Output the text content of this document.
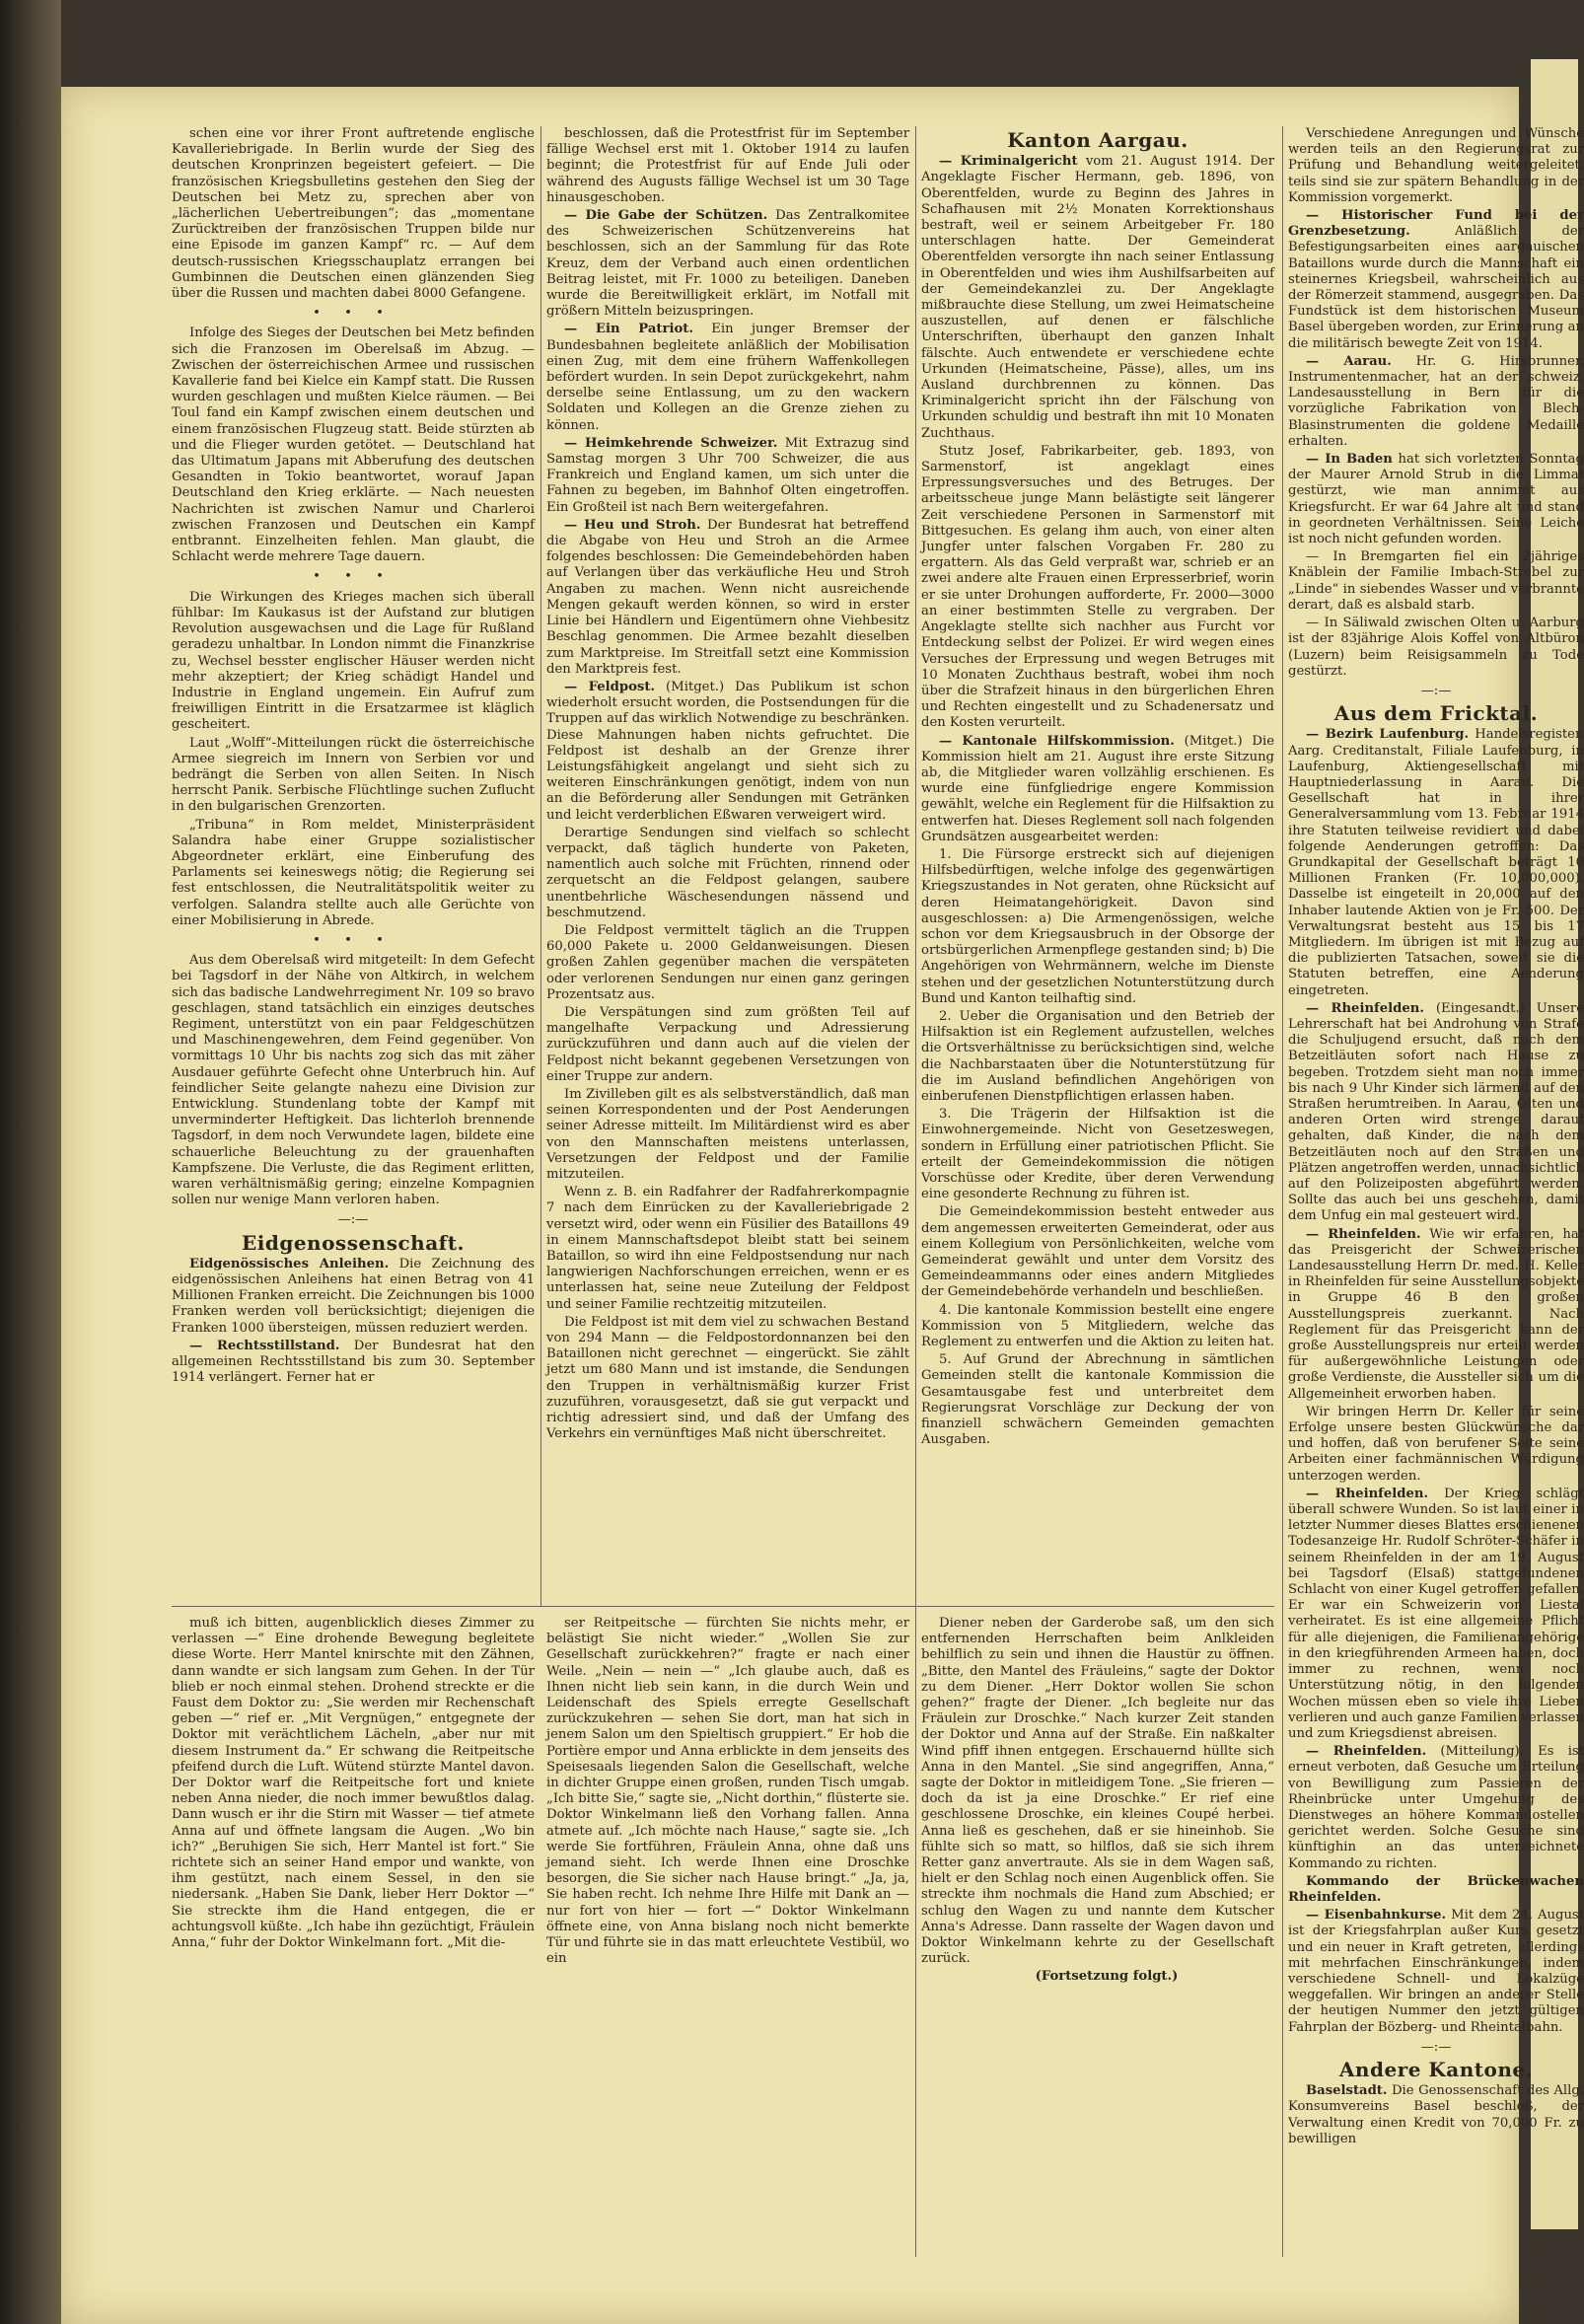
schen eine vor ihrer Front auftretende englische Kavalleriebrigade. In Berlin wurde der Sieg des deutschen Kronprinzen begeistert gefeiert. — Die französischen Kriegsbulletins gestehen den Sieg der Deutschen bei Metz zu, sprechen aber von „lächerlichen Uebertreibungen“; das „momentane Zurücktreiben der französischen Truppen bilde nur eine Episode im ganzen Kampf“ rc. — Auf dem deutsch-russischen Kriegsschauplatz errangen bei Gumbinnen die Deutschen einen glänzenden Sieg über die Russen und machten dabei 8000 Gefangene.

• • •

Infolge des Sieges der Deutschen bei Metz befinden sich die Franzosen im Oberelsaß im Abzug. — Zwischen der österreichischen Armee und russischen Kavallerie fand bei Kielce ein Kampf statt. Die Russen wurden geschlagen und mußten Kielce räumen. — Bei Toul fand ein Kampf zwischen einem deutschen und einem französischen Flugzeug statt. Beide stürzten ab und die Flieger wurden getötet. — Deutschland hat das Ultimatum Japans mit Abberufung des deutschen Gesandten in Tokio beantwortet, worauf Japan Deutschland den Krieg erklärte. — Nach neuesten Nachrichten ist zwischen Namur und Charleroi zwischen Franzosen und Deutschen ein Kampf entbrannt. Einzelheiten fehlen. Man glaubt, die Schlacht werde mehrere Tage dauern.

• • •

Die Wirkungen des Krieges machen sich überall fühlbar: Im Kaukasus ist der Aufstand zur blutigen Revolution ausgewachsen und die Lage für Rußland geradezu unhaltbar. In London nimmt die Finanzkrise zu, Wechsel besster englischer Häuser werden nicht mehr akzeptiert; der Krieg schädigt Handel und Industrie in England ungemein. Ein Aufruf zum freiwilligen Eintritt in die Ersatzarmee ist kläglich gescheitert.

Laut „Wolff“-Mitteilungen rückt die österreichische Armee siegreich im Innern von Serbien vor und bedrängt die Serben von allen Seiten. In Nisch herrscht Panik. Serbische Flüchtlinge suchen Zuflucht in den bulgarischen Grenzorten.

„Tribuna“ in Rom meldet, Ministerpräsident Salandra habe einer Gruppe sozialistischer Abgeordneter erklärt, eine Einberufung des Parlaments sei keineswegs nötig; die Regierung sei fest entschlossen, die Neutralitätspolitik weiter zu verfolgen. Salandra stellte auch alle Gerüchte von einer Mobilisierung in Abrede.

• • •

Aus dem Oberelsaß wird mitgeteilt: In dem Gefecht bei Tagsdorf in der Nähe von Altkirch, in welchem sich das badische Landwehrregiment Nr. 109 so bravo geschlagen, stand tatsächlich ein einziges deutsches Regiment, unterstützt von ein paar Feldgeschützen und Maschinengewehren, dem Feind gegenüber. Von vormittags 10 Uhr bis nachts zog sich das mit zäher Ausdauer geführte Gefecht ohne Unterbruch hin. Auf feindlicher Seite gelangte nahezu eine Division zur Entwicklung. Stundenlang tobte der Kampf mit unverminderter Heftigkeit. Das lichterloh brennende Tagsdorf, in dem noch Verwundete lagen, bildete eine schauerliche Beleuchtung zu der grauenhaften Kampfszene. Die Verluste, die das Regiment erlitten, waren verhältnismäßig gering; einzelne Kompagnien sollen nur wenige Mann verloren haben.

—:—
Eidgenossenschaft.

Eidgenössisches Anleihen. Die Zeichnung des eidgenössischen Anleihens hat einen Betrag von 41 Millionen Franken erreicht. Die Zeichnungen bis 1000 Franken werden voll berücksichtigt; diejenigen die Franken 1000 übersteigen, müssen reduziert werden.

— Rechtsstillstand. Der Bundesrat hat den allgemeinen Rechtsstillstand bis zum 30. September 1914 verlängert. Ferner hat er

beschlossen, daß die Protestfrist für im September fällige Wechsel erst mit 1. Oktober 1914 zu laufen beginnt; die Protestfrist für auf Ende Juli oder während des Augusts fällige Wechsel ist um 30 Tage hinausgeschoben.

— Die Gabe der Schützen. Das Zentralkomitee des Schweizerischen Schützenvereins hat beschlossen, sich an der Sammlung für das Rote Kreuz, dem der Verband auch einen ordentlichen Beitrag leistet, mit Fr. 1000 zu beteiligen. Daneben wurde die Bereitwilligkeit erklärt, im Notfall mit größern Mitteln beizuspringen.

— Ein Patriot. Ein junger Bremser der Bundesbahnen begleitete anläßlich der Mobilisation einen Zug, mit dem eine frühern Waffenkollegen befördert wurden. In sein Depot zurückgekehrt, nahm derselbe seine Entlassung, um zu den wackern Soldaten und Kollegen an die Grenze ziehen zu können.

— Heimkehrende Schweizer. Mit Extrazug sind Samstag morgen 3 Uhr 700 Schweizer, die aus Frankreich und England kamen, um sich unter die Fahnen zu begeben, im Bahnhof Olten eingetroffen. Ein Großteil ist nach Bern weitergefahren.

— Heu und Stroh. Der Bundesrat hat betreffend die Abgabe von Heu und Stroh an die Armee folgendes beschlossen: Die Gemeindebehörden haben auf Verlangen über das verkäufliche Heu und Stroh Angaben zu machen. Wenn nicht ausreichende Mengen gekauft werden können, so wird in erster Linie bei Händlern und Eigentümern ohne Viehbesitz Beschlag genommen. Die Armee bezahlt dieselben zum Marktpreise. Im Streitfall setzt eine Kommission den Marktpreis fest.

— Feldpost. (Mitget.) Das Publikum ist schon wiederholt ersucht worden, die Postsendungen für die Truppen auf das wirklich Notwendige zu beschränken. Diese Mahnungen haben nichts gefruchtet. Die Feldpost ist deshalb an der Grenze ihrer Leistungsfähigkeit angelangt und sieht sich zu weiteren Einschränkungen genötigt, indem von nun an die Beförderung aller Sendungen mit Getränken und leicht verderblichen Eßwaren verweigert wird.

Derartige Sendungen sind vielfach so schlecht verpackt, daß täglich hunderte von Paketen, namentlich auch solche mit Früchten, rinnend oder zerquetscht an die Feldpost gelangen, saubere unentbehrliche Wäschesendungen nässend und beschmutzend.

Die Feldpost vermittelt täglich an die Truppen 60,000 Pakete u. 2000 Geldanweisungen. Diesen großen Zahlen gegenüber machen die verspäteten oder verlorenen Sendungen nur einen ganz geringen Prozentsatz aus.

Die Verspätungen sind zum größten Teil auf mangelhafte Verpackung und Adressierung zurückzuführen und dann auch auf die vielen der Feldpost nicht bekannt gegebenen Versetzungen von einer Truppe zur andern.

Im Zivilleben gilt es als selbstverständlich, daß man seinen Korrespondenten und der Post Aenderungen seiner Adresse mitteilt. Im Militärdienst wird es aber von den Mannschaften meistens unterlassen, Versetzungen der Feldpost und der Familie mitzuteilen.

Wenn z. B. ein Radfahrer der Radfahrerkompagnie 7 nach dem Einrücken zu der Kavalleriebrigade 2 versetzt wird, oder wenn ein Füsilier des Bataillons 49 in einem Mannschaftsdepot bleibt statt bei seinem Bataillon, so wird ihn eine Feldpostsendung nur nach langwierigen Nachforschungen erreichen, wenn er es unterlassen hat, seine neue Zuteilung der Feldpost und seiner Familie rechtzeitig mitzuteilen.

Die Feldpost ist mit dem viel zu schwachen Bestand von 294 Mann — die Feldpostordonnanzen bei den Bataillonen nicht gerechnet — eingerückt. Sie zählt jetzt um 680 Mann und ist imstande, die Sendungen den Truppen in verhältnismäßig kurzer Frist zuzuführen, vorausgesetzt, daß sie gut verpackt und richtig adressiert sind, und daß der Umfang des Verkehrs ein vernünftiges Maß nicht überschreitet.

Kanton Aargau.

— Kriminalgericht vom 21. August 1914. Der Angeklagte Fischer Hermann, geb. 1896, von Oberentfelden, wurde zu Beginn des Jahres in Schafhausen mit 2½ Monaten Korrektionshaus bestraft, weil er seinem Arbeitgeber Fr. 180 unterschlagen hatte. Der Gemeinderat Oberentfelden versorgte ihn nach seiner Entlassung in Oberentfelden und wies ihm Aushilfsarbeiten auf der Gemeindekanzlei zu. Der Angeklagte mißbrauchte diese Stellung, um zwei Heimatscheine auszustellen, auf denen er fälschliche Unterschriften, überhaupt den ganzen Inhalt fälschte. Auch entwendete er verschiedene echte Urkunden (Heimatscheine, Pässe), alles, um ins Ausland durchbrennen zu können. Das Kriminalgericht spricht ihn der Fälschung von Urkunden schuldig und bestraft ihn mit 10 Monaten Zuchthaus.

Stutz Josef, Fabrikarbeiter, geb. 1893, von Sarmenstorf, ist angeklagt eines Erpressungsversuches und des Betruges. Der arbeitsscheue junge Mann belästigte seit längerer Zeit verschiedene Personen in Sarmenstorf mit Bittgesuchen. Es gelang ihm auch, von einer alten Jungfer unter falschen Vorgaben Fr. 280 zu ergattern. Als das Geld verpraßt war, schrieb er an zwei andere alte Frauen einen Erpresserbrief, worin er sie unter Drohungen aufforderte, Fr. 2000—3000 an einer bestimmten Stelle zu vergraben. Der Angeklagte stellte sich nachher aus Furcht vor Entdeckung selbst der Polizei. Er wird wegen eines Versuches der Erpressung und wegen Betruges mit 10 Monaten Zuchthaus bestraft, wobei ihm noch über die Strafzeit hinaus in den bürgerlichen Ehren und Rechten eingestellt und zu Schadenersatz und den Kosten verurteilt.

— Kantonale Hilfskommission. (Mitget.) Die Kommission hielt am 21. August ihre erste Sitzung ab, die Mitglieder waren vollzählig erschienen. Es wurde eine fünfgliedrige engere Kommission gewählt, welche ein Reglement für die Hilfsaktion zu entwerfen hat. Dieses Reglement soll nach folgenden Grundsätzen ausgearbeitet werden:

1. Die Fürsorge erstreckt sich auf diejenigen Hilfsbedürftigen, welche infolge des gegenwärtigen Kriegszustandes in Not geraten, ohne Rücksicht auf deren Heimatangehörigkeit. Davon sind ausgeschlossen: a) Die Armengenössigen, welche schon vor dem Kriegsausbruch in der Obsorge der ortsbürgerlichen Armenpflege gestanden sind; b) Die Angehörigen von Wehrmännern, welche im Dienste stehen und der gesetzlichen Notunterstützung durch Bund und Kanton teilhaftig sind.

2. Ueber die Organisation und den Betrieb der Hilfsaktion ist ein Reglement aufzustellen, welches die Ortsverhältnisse zu berücksichtigen sind, welche die Nachbarstaaten über die Notunterstützung für die im Ausland befindlichen Angehörigen von einberufenen Dienstpflichtigen erlassen haben.

3. Die Trägerin der Hilfsaktion ist die Einwohnergemeinde. Nicht von Gesetzeswegen, sondern in Erfüllung einer patriotischen Pflicht. Sie erteilt der Gemeindekommission die nötigen Vorschüsse oder Kredite, über deren Verwendung eine gesonderte Rechnung zu führen ist.

Die Gemeindekommission besteht entweder aus dem angemessen erweiterten Gemeinderat, oder aus einem Kollegium von Persönlichkeiten, welche vom Gemeinderat gewählt und unter dem Vorsitz des Gemeindeammanns oder eines andern Mitgliedes der Gemeindebehörde verhandeln und beschließen.

4. Die kantonale Kommission bestellt eine engere Kommission von 5 Mitgliedern, welche das Reglement zu entwerfen und die Aktion zu leiten hat.

5. Auf Grund der Abrechnung in sämtlichen Gemeinden stellt die kantonale Kommission die Gesamtausgabe fest und unterbreitet dem Regierungsrat Vorschläge zur Deckung der von finanziell schwächern Gemeinden gemachten Ausgaben.

Verschiedene Anregungen und Wünsche werden teils an den Regierungsrat zur Prüfung und Behandlung weitergeleitet, teils sind sie zur spätern Behandlung in der Kommission vorgemerkt.

— Historischer Fund bei der Grenzbesetzung. Anläßlich der Befestigungsarbeiten eines aargauischen Bataillons wurde durch die Mannschaft ein steinernes Kriegsbeil, wahrscheinlich aus der Römerzeit stammend, ausgegraben. Das Fundstück ist dem historischen Museum Basel übergeben worden, zur Erinnerung an die militärisch bewegte Zeit von 1914.

— Aarau. Hr. G. Hirsbrunner, Instrumentenmacher, hat an der schweiz. Landesausstellung in Bern für die vorzügliche Fabrikation von Blech-Blasinstrumenten die goldene Medaille erhalten.

— In Baden hat sich vorletzten Sonntag der Maurer Arnold Strub in die Limmat gestürzt, wie man annimmt aus Kriegsfurcht. Er war 64 Jahre alt und stand in geordneten Verhältnissen. Seine Leiche ist noch nicht gefunden worden.

— In Bremgarten fiel ein 2jähriges Knäblein der Familie Imbach-Strebel zur „Linde“ in siebendes Wasser und verbrannte derart, daß es alsbald starb.

— In Säliwald zwischen Olten u. Aarburg ist der 83jährige Alois Koffel von Altbüron (Luzern) beim Reisigsammeln zu Tode gestürzt.

—:—
Aus dem Fricktal.

— Bezirk Laufenburg. Handelsregister. Aarg. Creditanstalt, Filiale Laufenburg, in Laufenburg, Aktiengesellschaft mit Hauptniederlassung in Aarau. Die Gesellschaft hat in ihrer Generalversammlung vom 13. Februar 1914 ihre Statuten teilweise revidiert und dabei folgende Aenderungen getroffen: Das Grundkapital der Gesellschaft beträgt 10 Millionen Franken (Fr. 10,000,000). Dasselbe ist eingeteilt in 20,000 auf den Inhaber lautende Aktien von je Fr. 500. Der Verwaltungsrat besteht aus 15 bis 17 Mitgliedern. Im übrigen ist mit Bezug auf die publizierten Tatsachen, soweit sie die Statuten betreffen, eine Aenderung eingetreten.

— Rheinfelden. (Eingesandt.) Unsere Lehrerschaft hat bei Androhung von Strafe die Schuljugend ersucht, daß nach dem Betzeitläuten sofort nach Hause zu begeben. Trotzdem sieht man noch immer bis nach 9 Uhr Kinder sich lärmend auf den Straßen herumtreiben. In Aarau, Olten und anderen Orten wird strenge darauf gehalten, daß Kinder, die nach dem Betzeitläuten noch auf den Straßen und Plätzen angetroffen werden, unnachsichtlich auf den Polizeiposten abgeführt werden. Sollte das auch bei uns geschehen, damit dem Unfug ein mal gesteuert wird.

— Rheinfelden. Wie wir erfahren, hat das Preisgericht der Schweizerischen Landesausstellung Herrn Dr. med. H. Keller in Rheinfelden für seine Ausstellungsobjekte in Gruppe 46 B den großen Ausstellungspreis zuerkannt. Nach Reglement für das Preisgericht kann der große Ausstellungspreis nur erteilt werden für außergewöhnliche Leistungen oder große Verdienste, die Aussteller sich um die Allgemeinheit erworben haben.

Wir bringen Herrn Dr. Keller für seine Erfolge unsere besten Glückwünsche dar und hoffen, daß von berufener Seite seine Arbeiten einer fachmännischen Würdigung unterzogen werden.

— Rheinfelden. Der Krieg schlägt überall schwere Wunden. So ist laut einer in letzter Nummer dieses Blattes erschienenen Todesanzeige Hr. Rudolf Schröter-Schäfer in seinem Rheinfelden in der am 19. August bei Tagsdorf (Elsaß) stattgefundenen Schlacht von einer Kugel getroffen gefallen. Er war ein Schweizerin von Liestal verheiratet. Es ist eine allgemeine Pflicht für alle diejenigen, die Familienangehörige in den kriegführenden Armeen haben, doch immer zu rechnen, wenn noch Unterstützung nötig, in den folgenden Wochen müssen eben so viele ihre Lieben verlieren und auch ganze Familien verlassen und zum Kriegsdienst abreisen.

— Rheinfelden. (Mitteilung). Es ist erneut verboten, daß Gesuche um Erteilung von Bewilligung zum Passieren der Rheinbrücke unter Umgehung des Dienstweges an höhere Kommandostellen gerichtet werden. Solche Gesuche sind künftighin an das unterzeichnete Kommando zu richten.

Kommando der Brückenwachen Rheinfelden.

— Eisenbahnkurse. Mit dem 24. August ist der Kriegsfahrplan außer Kurs gesetzt und ein neuer in Kraft getreten, allerdings mit mehrfachen Einschränkungen, indem verschiedene Schnell- und Lokalzüge weggefallen. Wir bringen an anderer Stelle der heutigen Nummer den jetzt gültigen Fahrplan der Bözberg- und Rheintalbahn.

—:—
Andere Kantone.

Baselstadt. Die Genossenschaft des Allg. Konsumvereins Basel beschloß, der Verwaltung einen Kredit von 70,000 Fr. zu bewilligen

muß ich bitten, augenblicklich dieses Zimmer zu verlassen —“ Eine drohende Bewegung begleitete diese Worte. Herr Mantel knirschte mit den Zähnen, dann wandte er sich langsam zum Gehen. In der Tür blieb er noch einmal stehen. Drohend streckte er die Faust dem Doktor zu: „Sie werden mir Rechenschaft geben —“ rief er. „Mit Vergnügen,“ entgegnete der Doktor mit verächtlichem Lächeln, „aber nur mit diesem Instrument da.“ Er schwang die Reitpeitsche pfeifend durch die Luft. Wütend stürzte Mantel davon. Der Doktor warf die Reitpeitsche fort und kniete neben Anna nieder, die noch immer bewußtlos dalag. Dann wusch er ihr die Stirn mit Wasser — tief atmete Anna auf und öffnete langsam die Augen. „Wo bin ich?“ „Beruhigen Sie sich, Herr Mantel ist fort.“ Sie richtete sich an seiner Hand empor und wankte, von ihm gestützt, nach einem Sessel, in den sie niedersank. „Haben Sie Dank, lieber Herr Doktor —“ Sie streckte ihm die Hand entgegen, die er achtungsvoll küßte. „Ich habe ihn gezüchtigt, Fräulein Anna,“ fuhr der Doktor Winkelmann fort. „Mit die-

ser Reitpeitsche — fürchten Sie nichts mehr, er belästigt Sie nicht wieder.“ „Wollen Sie zur Gesellschaft zurückkehren?“ fragte er nach einer Weile. „Nein — nein —“ „Ich glaube auch, daß es Ihnen nicht lieb sein kann, in die durch Wein und Leidenschaft des Spiels erregte Gesellschaft zurückzukehren — sehen Sie dort, man hat sich in jenem Salon um den Spieltisch gruppiert.“ Er hob die Portière empor und Anna erblickte in dem jenseits des Speisesaals liegenden Salon die Gesellschaft, welche in dichter Gruppe einen großen, runden Tisch umgab. „Ich bitte Sie,“ sagte sie, „Nicht dorthin,“ flüsterte sie. Doktor Winkelmann ließ den Vorhang fallen. Anna atmete auf. „Ich möchte nach Hause,“ sagte sie. „Ich werde Sie fortführen, Fräulein Anna, ohne daß uns jemand sieht. Ich werde Ihnen eine Droschke besorgen, die Sie sicher nach Hause bringt.“ „Ja, ja, Sie haben recht. Ich nehme Ihre Hilfe mit Dank an — nur fort von hier — fort —“ Doktor Winkelmann öffnete eine, von Anna bislang noch nicht bemerkte Tür und führte sie in das matt erleuchtete Vestibül, wo ein

Diener neben der Garderobe saß, um den sich entfernenden Herrschaften beim Anlkleiden behilflich zu sein und ihnen die Haustür zu öffnen. „Bitte, den Mantel des Fräuleins,“ sagte der Doktor zu dem Diener. „Herr Doktor wollen Sie schon gehen?“ fragte der Diener. „Ich begleite nur das Fräulein zur Droschke.“ Nach kurzer Zeit standen der Doktor und Anna auf der Straße. Ein naßkalter Wind pfiff ihnen entgegen. Erschauernd hüllte sich Anna in den Mantel. „Sie sind angegriffen, Anna,“ sagte der Doktor in mitleidigem Tone. „Sie frieren — doch da ist ja eine Droschke.“ Er rief eine geschlossene Droschke, ein kleines Coupé herbei. Anna ließ es geschehen, daß er sie hineinhob. Sie fühlte sich so matt, so hilflos, daß sie sich ihrem Retter ganz anvertraute. Als sie in dem Wagen saß, hielt er den Schlag noch einen Augenblick offen. Sie streckte ihm nochmals die Hand zum Abschied; er schlug den Wagen zu und nannte dem Kutscher Anna's Adresse. Dann rasselte der Wagen davon und Doktor Winkelmann kehrte zu der Gesellschaft zurück.

(Fortsetzung folgt.)
